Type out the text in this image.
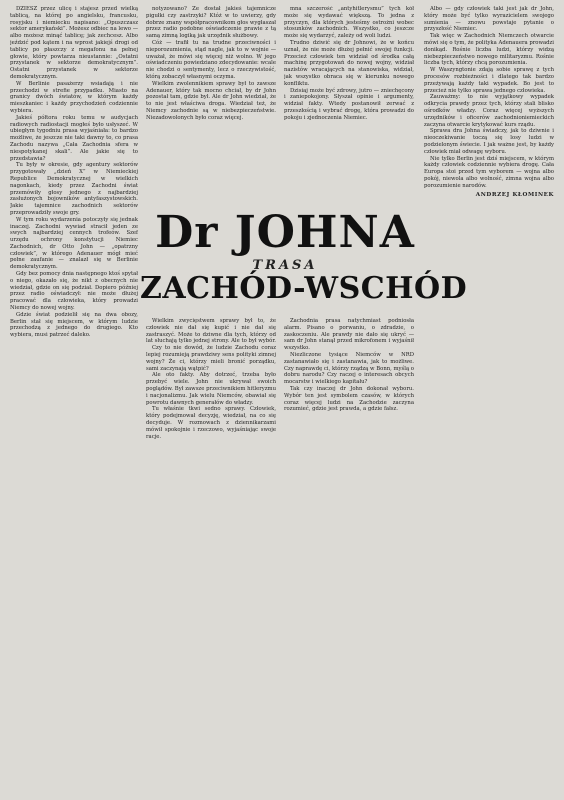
DZIESZ przez ulicę i stajesz przed wielką tablicą, na której po angielsku, francusku, rosyjsku i niemiecku napisano: „Opuszczasz sektor amerykański”. Możesz odbiec na lewo — albo możesz minąć tablicę; jak zechcesz. Albo jeździć pod kątem i na wprost jakiejś drogi od tablicy po płaszczy z megafonu na pełnej głowie, który powtarza nieustannie: „Ostatni przystanek w sektorze demokratycznym”. Ostatni przystanek w sektorze demokratycznym.

W Berlinie pasażerzy wsiadają i nie przechodzi w strefie przypadku. Miasto na granicy dwóch światów, w którym każdy mieszkaniec i każdy przychodzień codziennie wybiera.

Jakieś półtora roku temu w audycjach radiowych radiostacji mogłeś było usłyszeć. W ubiegłym tygodniu prasa wyjaśniała: to bardzo możliwe, że jeszcze nie taki dawny to, co prasa Zachodu nazywa „Cała Zachodnia sfera w niespotykanej skali”. Ale jakie się to przedstawia?

Tu były w okresie, gdy agentury sektorów przygotowały „dzień X” w Niemieckiej Republice Demokratycznej w wielkich nagonkach, kiedy przez Zachodni świat przemówiły głosy jednego z najbardziej zasłużonych bojowników antyfaszystowskich. Jakie tajemnice zachodnich sektorów przeprowadziły swoje gry.

W tym roku wydarzenia potoczyły się jednak inaczej. Zachodni wywiad stracił jeden ze swych najbardziej cennych trofeów. Szef urzędu ochrony konstytucji Niemiec Zachodnich, dr Otto John — „opatrzny człowiek”, w którego Adenauer mógł mieć pełne zaufanie — znalazł się w Berlinie demokratycznym.

Gdy bez pomocy dnia następnego ktoś spytał o niego, okazało się, że nikt z obecnych nie wiedział, gdzie on się podział. Dopiero później przez radio oświadczył: nie może dłużej pracować dla człowieka, który prowadzi Niemcy do nowej wojny.

Gdzie świat podzielił się na dwa obozy, Berlin stał się miejscem, w którym ludzie przechodzą z jednego do drugiego. Kto wybiera, musi patrzeć daleko.

notyzowano? Że dostał jakieś tajemnicze pigułki czy zastrzyki? Któż w to uwierzy, gdy dobrze znany współpracownikom głos wygłaszał przez radio podobne oświadczenie prawie z tą samą zimną logiką jak urzędnik służbowy.

Cóż — trafił tu na trudne przeciwności i nieporozumienia, stąd nagle, jak to w wojnie — uważał, że mówi się więcej niż wolno. W jego oświadczeniu powiedziano zdecydowanie: wcale nie chodzi o sentymenty, lecz o rzeczywistość, którą zobaczył własnymi oczyma.

Wielkim zwolennikiem sprawy był to zawsze Adenauer, który tak mocno chciał, by dr John pozostał tam, gdzie był. Ale dr John wiedział, że to nie jest właściwa droga. Wiedział też, że Niemcy zachodnie są w niebezpieczeństwie. Niezadowolonych było coraz więcej.

mna szczerość „antyhitlerysmu” tych kół może się wydawać większą. To jedna z przyczyn, dla których jesteśmy ostrożni wobec stosunków zachodnich. Wszystko, co jeszcze może się wydarzyć, zależy od woli ludzi.

Trudno dziwić się dr Johnowi, że w końcu uznał, że nie może dłużej pełnić swojej funkcji. Przecież człowiek ten widział od środka całą machinę przygotowań do nowej wojny, widział nazistów wracających na stanowiska, widział, jak wszystko obraca się w kierunku nowego konfliktu.

Dzisiaj może być zdrowy, jutro — zniechęcony i zaniepokojony. Słyszał opinie i argumenty, widział fakty. Wtedy postanowił zerwać z przeszłością i wybrać drogę, która prowadzi do pokoju i zjednoczenia Niemiec.

Dr JOHNA
TRASA
ZACHÓD-WSCHÓD

Wielkim zwycięstwem sprawy był to, że człowiek nie dał się kupić i nie dał się zastraszyć. Może to dziwne dla tych, którzy od lat słuchają tylko jednej strony. Ale to był wybór.

Czy to nie dowód, że ludzie Zachodu coraz lepiej rozumieją prawdziwy sens polityki zimnej wojny? Że ci, którzy mieli bronić porządku, sami zaczynają wątpić?

Ale oto fakty. Aby dotrzeć, trzeba było przebyć wiele. John nie ukrywał swoich poglądów. Był zawsze przeciwnikiem hitleryzmu i nacjonalizmu. Jak wielu Niemców, obawiał się powrotu dawnych generałów do władzy.

Tu właśnie tkwi sedno sprawy. Człowiek, który podejmował decyzję, wiedział, na co się decyduje. W rozmowach z dziennikarzami mówił spokojnie i rzeczowo, wyjaśniając swoje racje.

Zachodnia prasa natychmiast podniosła alarm. Pisano o porwaniu, o zdradzie, o zaskoczeniu. Ale prawdy nie dało się ukryć — sam dr John stanął przed mikrofonem i wyjaśnił wszystko.

Niezliczone tysiące Niemców w NRD zastanawiało się i zastanawia, jak to możliwe. Czy naprawdę ci, którzy rządzą w Bonn, myślą o dobru narodu? Czy raczej o interesach obcych mocarstw i wielkiego kapitału?

Tak czy inaczej dr John dokonał wyboru. Wybór ten jest symbolem czasów, w których coraz więcej ludzi na Zachodzie zaczyna rozumieć, gdzie jest prawda, a gdzie fałsz.

Albo — gdy człowiek taki jest jak dr John, który może być tylko wyrazicielem swojego sumienia — znowu powstaje pytanie o przyszłość Niemiec.

Tak więc w Zachodnich Niemczech otwarcie mówi się o tym, że polityka Adenauera prowadzi donikąd. Rośnie liczba ludzi, którzy widzą niebezpieczeństwo nowego militaryzmu. Rośnie liczba tych, którzy chcą porozumienia.

W Waszyngtonie zdają sobie sprawę z tych procesów rozbieżności i dlatego tak bardzo przeżywają każdy taki wypadek. Bo jest to przecież nie tylko sprawa jednego człowieka.

Zauważmy: to nie wyjątkowy wypadek odkrycia prawdy przez tych, którzy stali blisko ośrodków władzy. Coraz więcej wyższych urzędników i oficerów zachodnioniemieckich zaczyna otwarcie krytykować kurs rządu.

Sprawa dra Johna świadczy, jak to dziwnie i nieoczekiwanie toczą się losy ludzi w podzielonym świecie. I jak ważne jest, by każdy człowiek miał odwagę wyboru.

Nie tylko Berlin jest dziś miejscem, w którym każdy człowiek codziennie wybiera drogę. Cała Europa stoi przed tym wyborem — wojna albo pokój, niewola albo wolność, zimna wojna albo porozumienie narodów.

ANDRZEJ KŁOMINEK
